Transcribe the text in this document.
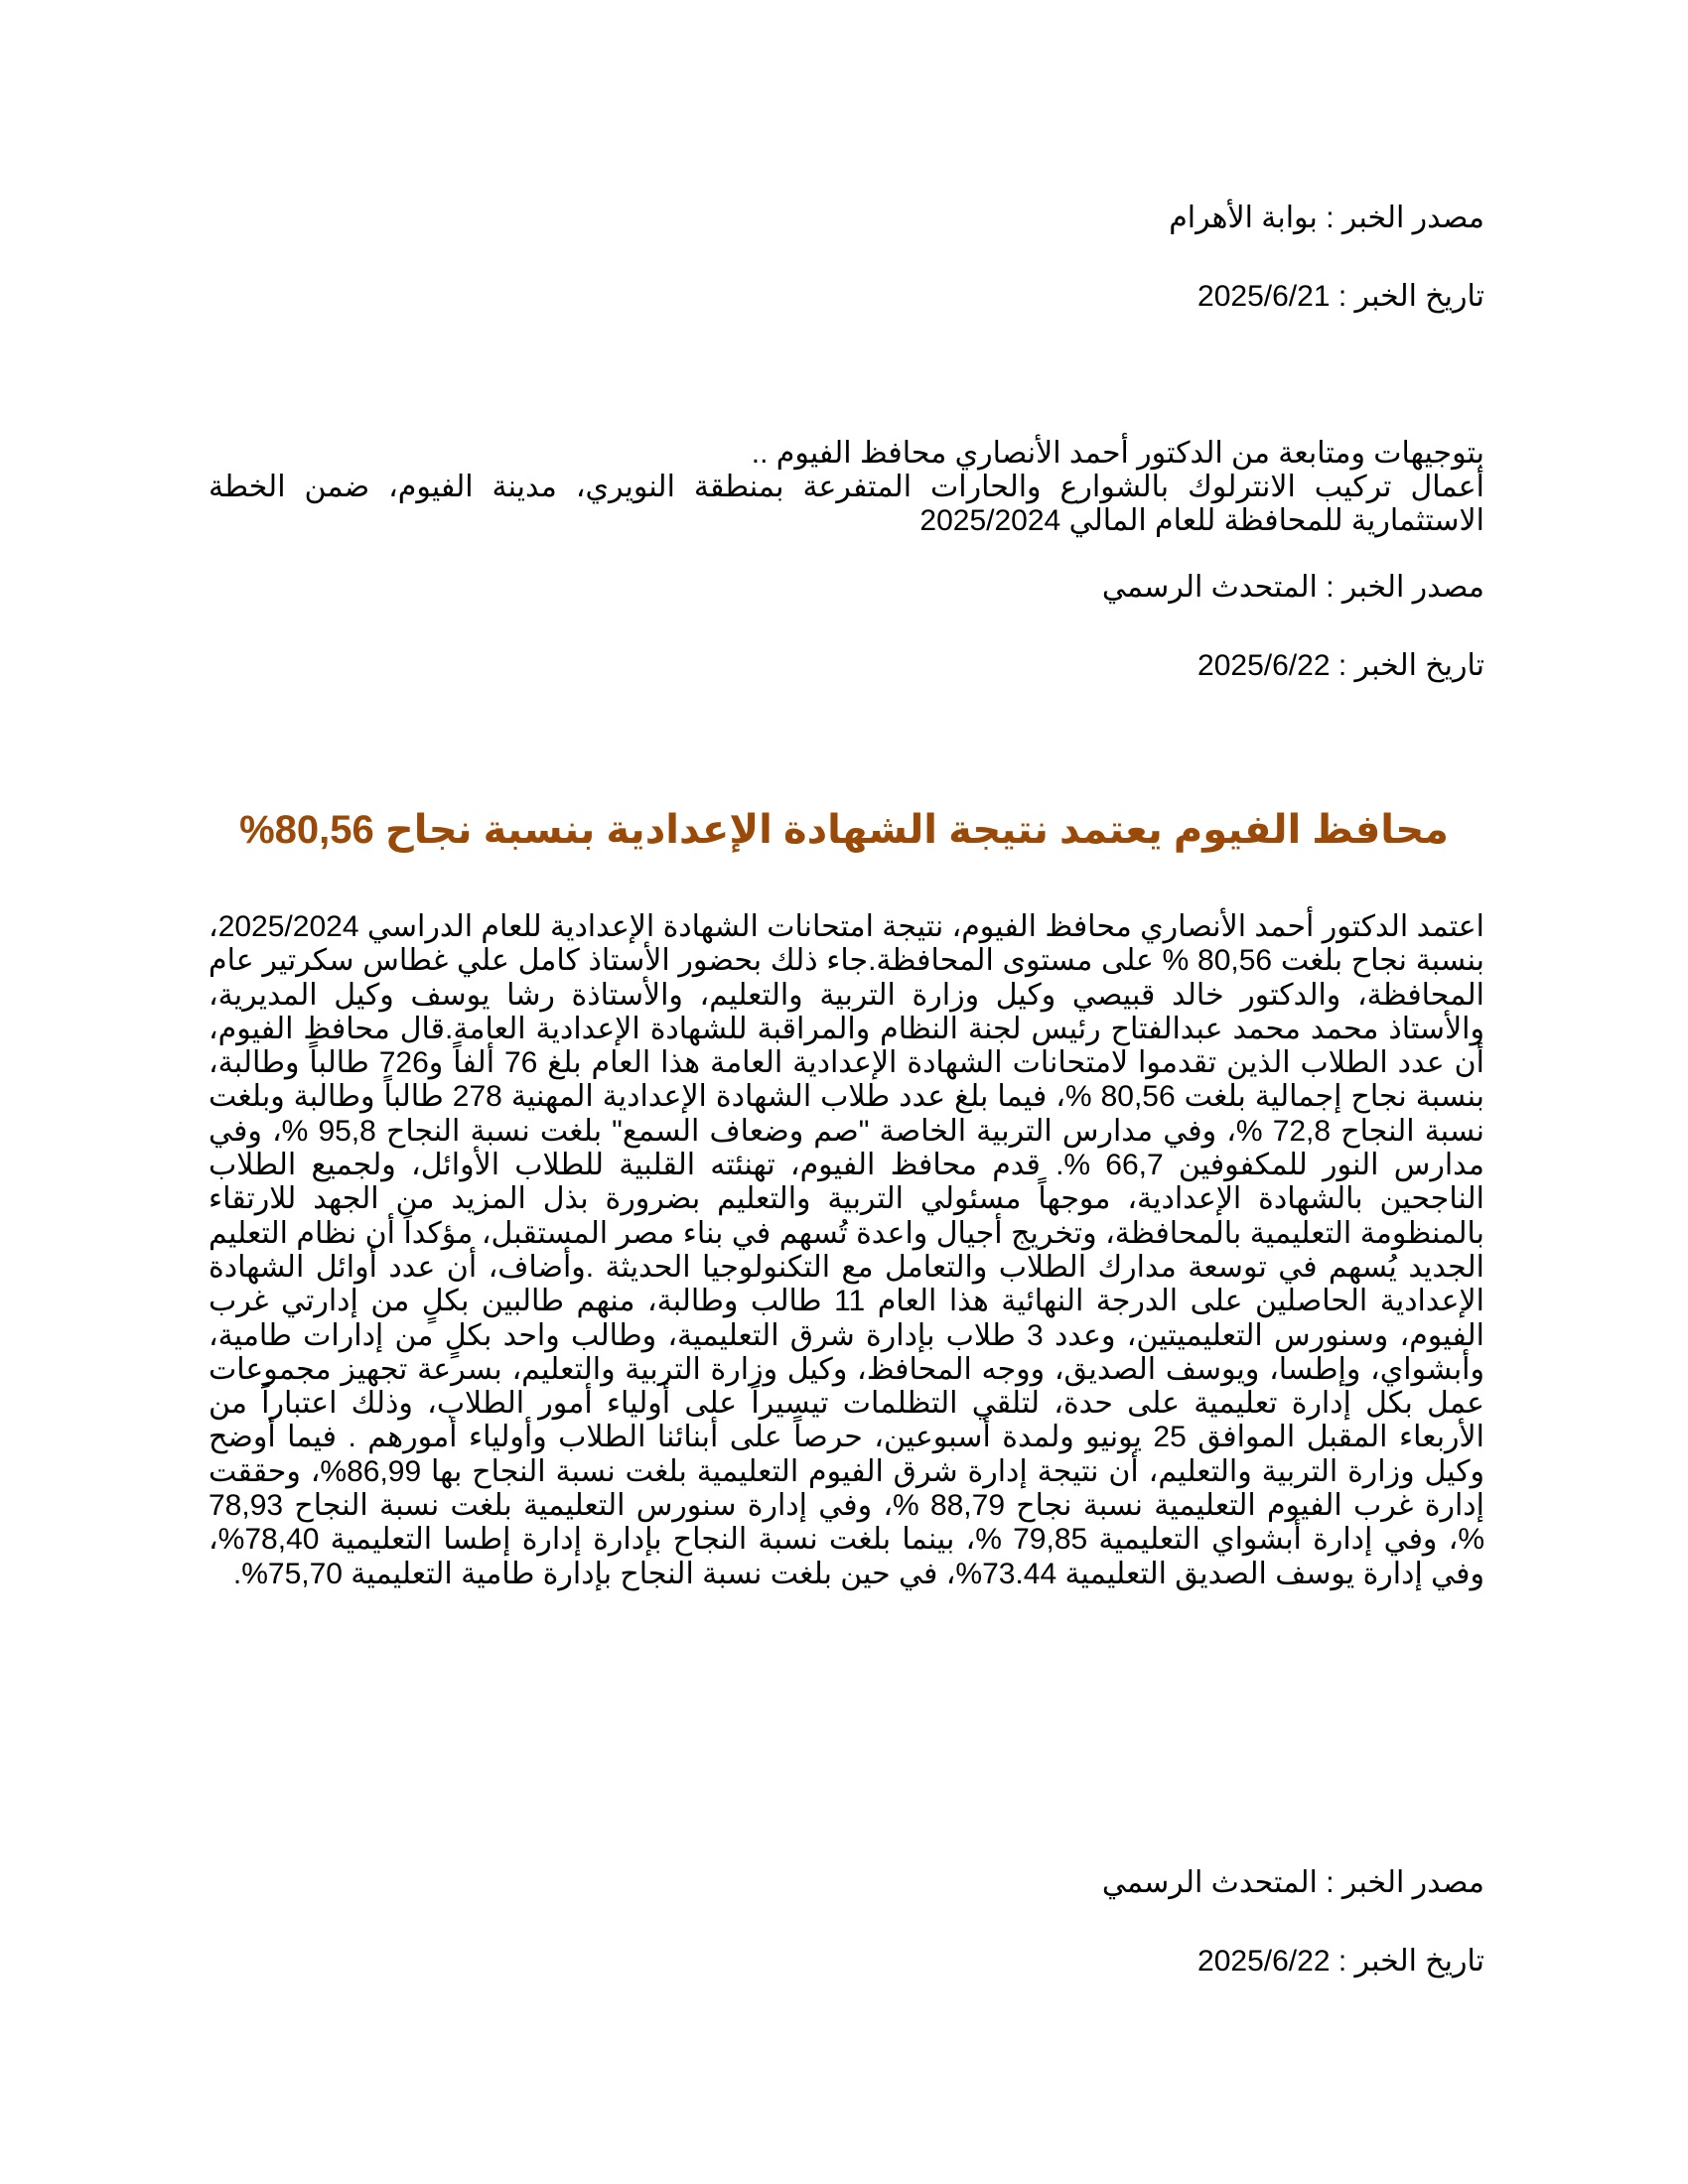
مصدر الخبر : بوابة الأهرام

تاريخ الخبر : 2025/6/21

بتوجيهات ومتابعة من الدكتور أحمد الأنصاري محافظ الفيوم ..

أعمال تركيب الانترلوك بالشوارع والحارات المتفرعة بمنطقة النويري، مدينة الفيوم، ضمن الخطة الاستثمارية للمحافظة للعام المالي 2025/2024

مصدر الخبر : المتحدث الرسمي

تاريخ الخبر : 2025/6/22

محافظ الفيوم يعتمد نتيجة الشهادة الإعدادية بنسبة نجاح 80,56%

اعتمد الدكتور أحمد الأنصاري محافظ الفيوم، نتيجة امتحانات الشهادة الإعدادية للعام الدراسي 2025/2024، بنسبة نجاح بلغت 80,56 % على مستوى المحافظة.جاء ذلك بحضور الأستاذ كامل علي غطاس سكرتير عام المحافظة، والدكتور خالد قبيصي وكيل وزارة التربية والتعليم، والأستاذة رشا يوسف وكيل المديرية، والأستاذ محمد محمد عبدالفتاح رئيس لجنة النظام والمراقبة للشهادة الإعدادية العامة.قال محافظ الفيوم، أن عدد الطلاب الذين تقدموا لامتحانات الشهادة الإعدادية العامة هذا العام بلغ 76 ألفاً و726 طالباً وطالبة، بنسبة نجاح إجمالية بلغت 80,56 %، فيما بلغ عدد طلاب الشهادة الإعدادية المهنية 278 طالباً وطالبة وبلغت نسبة النجاح 72,8 %، وفي مدارس التربية الخاصة "صم وضعاف السمع" بلغت نسبة النجاح 95,8 %، وفي مدارس النور للمكفوفين 66,7 %. قدم محافظ الفيوم، تهنئته القلبية للطلاب الأوائل، ولجميع الطلاب الناجحين بالشهادة الإعدادية، موجهاً مسئولي التربية والتعليم بضرورة بذل المزيد من الجهد للارتقاء بالمنظومة التعليمية بالمحافظة، وتخريج أجيال واعدة تُسهم في بناء مصر المستقبل، مؤكداً أن نظام التعليم الجديد يُسهم في توسعة مدارك الطلاب والتعامل مع التكنولوجيا الحديثة .وأضاف، أن عدد أوائل الشهادة الإعدادية الحاصلين على الدرجة النهائية هذا العام 11 طالب وطالبة، منهم طالبين بكلٍ من إدارتي غرب الفيوم، وسنورس التعليميتين، وعدد 3 طلاب بإدارة شرق التعليمية، وطالب واحد بكلٍ من إدارات طامية، وأبشواي، وإطسا، ويوسف الصديق، ووجه المحافظ، وكيل وزارة التربية والتعليم، بسرعة تجهيز مجموعات عمل بكل إدارة تعليمية على حدة، لتلقي التظلمات تيسيراً على أولياء أمور الطلاب، وذلك اعتباراً من الأربعاء المقبل الموافق 25 يونيو ولمدة أسبوعين، حرصاً على أبنائنا الطلاب وأولياء أمورهم . فيما أوضح وكيل وزارة التربية والتعليم، أن نتيجة إدارة شرق الفيوم التعليمية بلغت نسبة النجاح بها 86,99%، وحققت إدارة غرب الفيوم التعليمية نسبة نجاح 88,79 %، وفي إدارة سنورس التعليمية بلغت نسبة النجاح 78,93 %، وفي إدارة أبشواي التعليمية 79,85 %، بينما بلغت نسبة النجاح بإدارة إدارة إطسا التعليمية 78,40%، وفي إدارة يوسف الصديق التعليمية 73.44%، في حين بلغت نسبة النجاح بإدارة طامية التعليمية 75,70%.

مصدر الخبر : المتحدث الرسمي

تاريخ الخبر : 2025/6/22
